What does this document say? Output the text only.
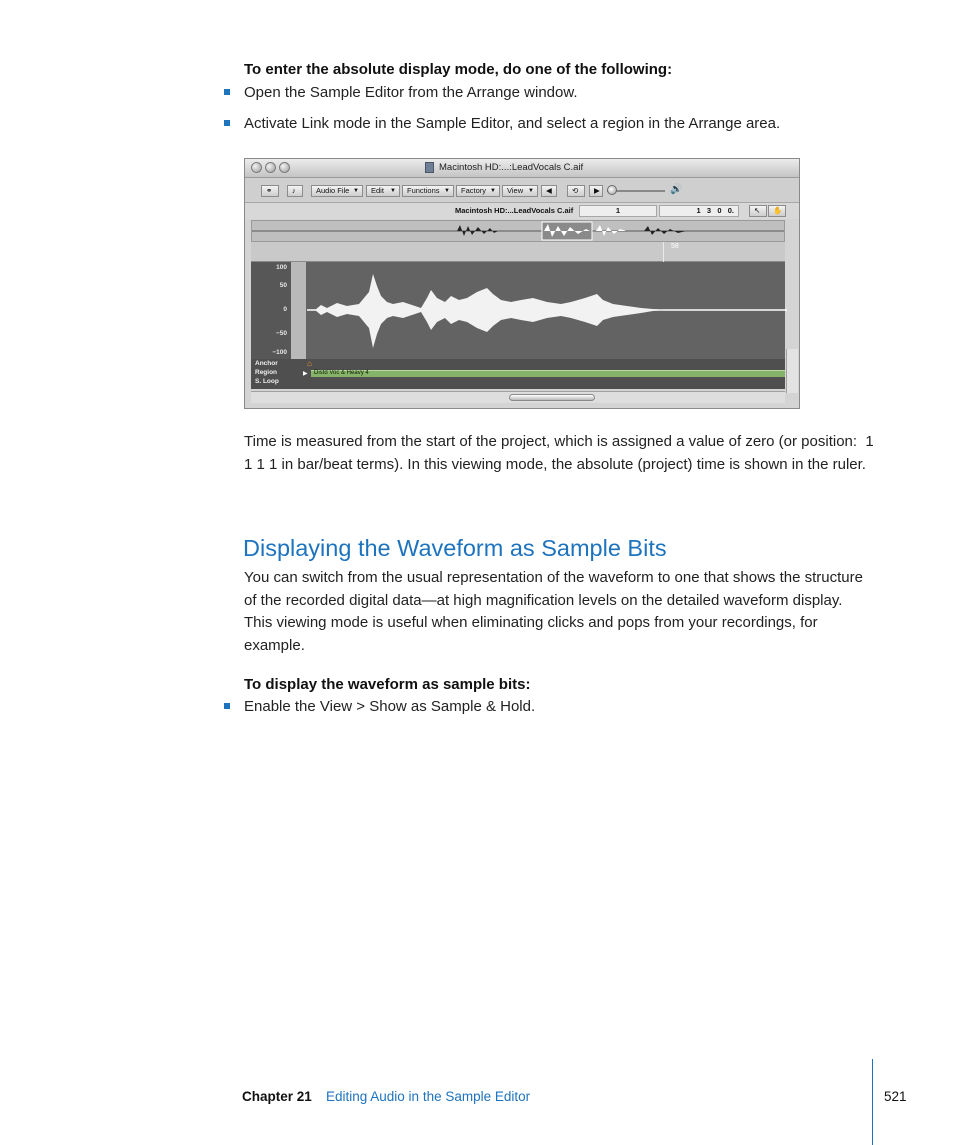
To enter the absolute display mode, do one of the following:
Open the Sample Editor from the Arrange window.
Activate Link mode in the Sample Editor, and select a region in the Arrange area.
Macintosh HD:...:LeadVocals C.aif
⚭	♪	Audio File ▼	Edit ▼	Functions ▼	Factory ▼	View ▼	◀	⟲	▶	🔊
Macintosh HD:...LeadVocals C.aif	1	1   3   0   0.	↖	✋
58
100
50
0
−50
−100
Anchor
Region
S. Loop
⌂
▶ Distd Voc & Heavy 4
Time is measured from the start of the project, which is assigned a value of zero (or position:  1 1 1 1 in bar/beat terms). In this viewing mode, the absolute (project) time is shown in the ruler.
Displaying the Waveform as Sample Bits
You can switch from the usual representation of the waveform to one that shows the structure of the recorded digital data—at high magnification levels on the detailed waveform display. This viewing mode is useful when eliminating clicks and pops from your recordings, for example.
To display the waveform as sample bits:
Enable the View > Show as Sample & Hold.
Chapter 21 Editing Audio in the Sample Editor	521
